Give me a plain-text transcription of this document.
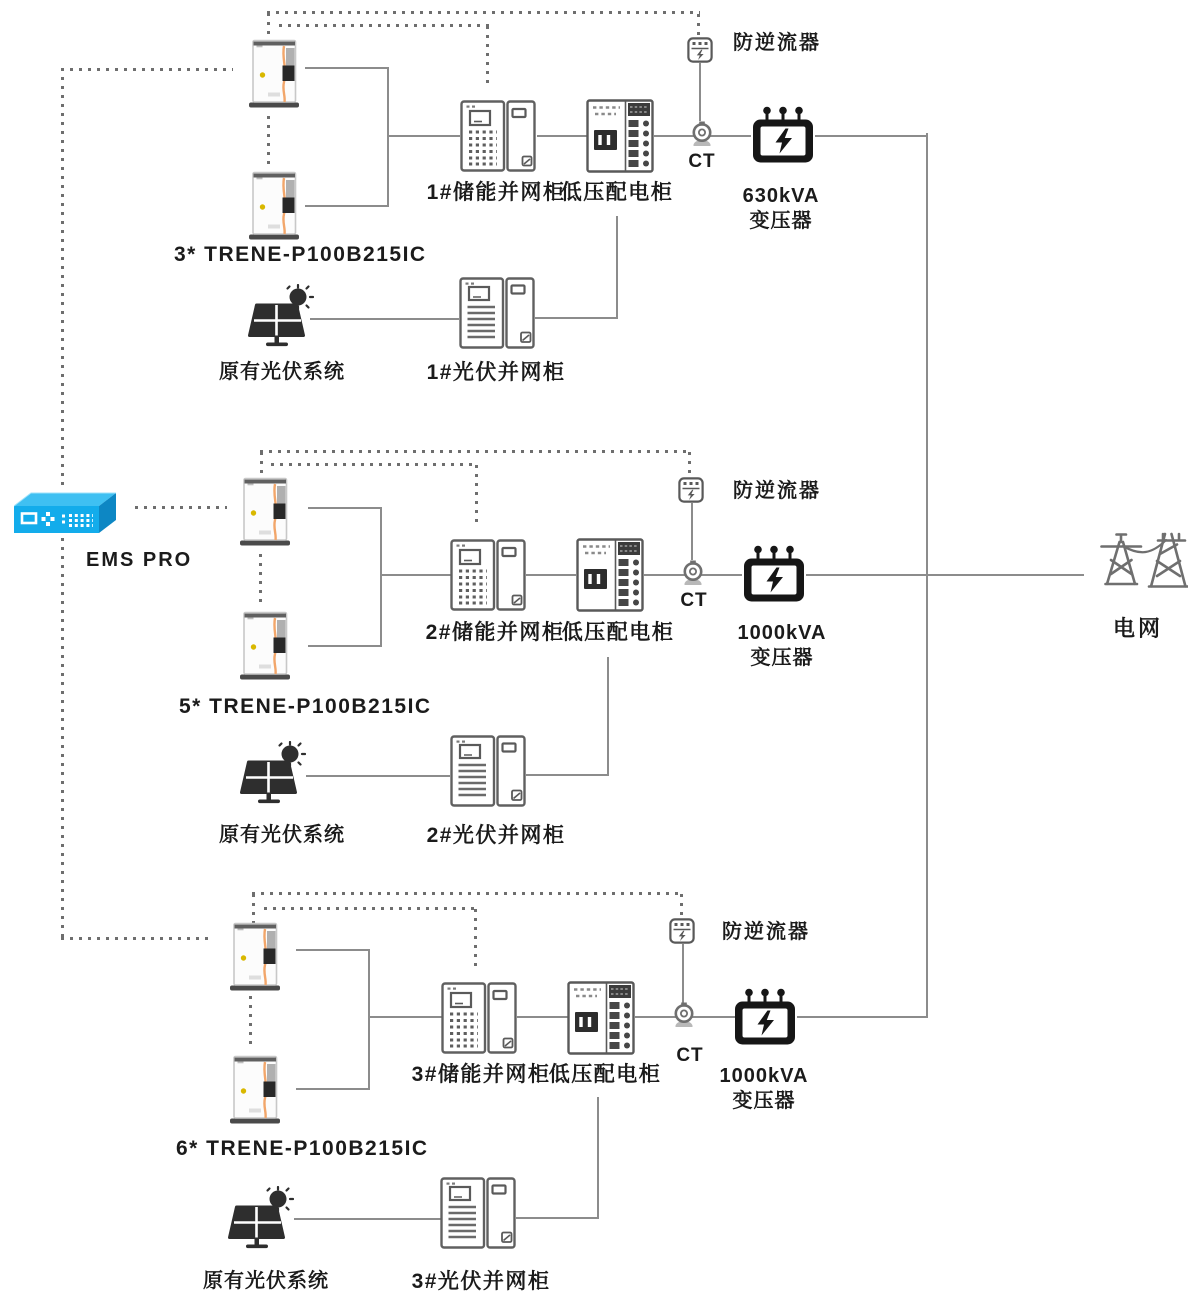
3* TRENE-P100B215IC
原有光伏系统
1#储能并网柜
低压配电柜
防逆流器
CT
630kVA
变压器
1#光伏并网柜
EMS PRO
电网
5* TRENE-P100B215IC
原有光伏系统
2#储能并网柜
低压配电柜
防逆流器
CT
1000kVA
变压器
2#光伏并网柜
6* TRENE-P100B215IC
原有光伏系统
3#储能并网柜
低压配电柜
防逆流器
CT
1000kVA
变压器
3#光伏并网柜
